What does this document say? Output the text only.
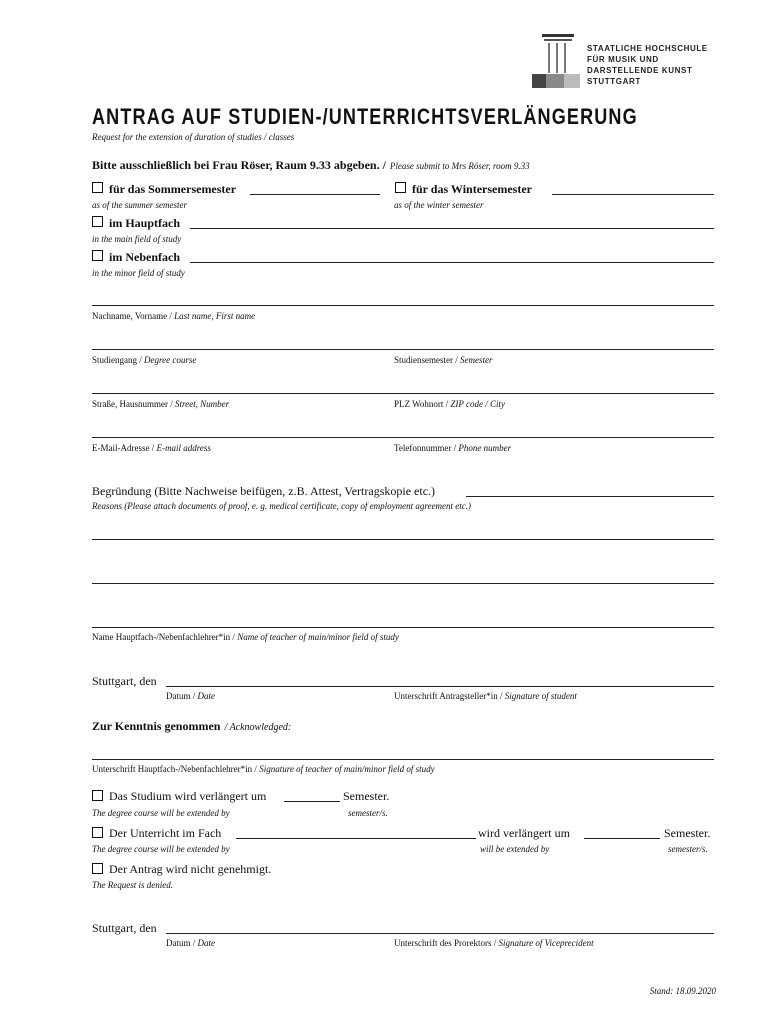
STAATLICHE HOCHSCHULE
FÜR MUSIK UND
DARSTELLENDE KUNST
STUTTGART
ANTRAG AUF STUDIEN-/UNTERRICHTSVERLÄNGERUNG
Request for the extension of duration of studies / classes
Bitte ausschließlich bei Frau Röser, Raum 9.33 abgeben. / Please submit to Mrs Röser, room 9.33
für das Sommersemester
as of the summer semester
für das Wintersemester
as of the winter semester
im Hauptfach
in the main field of study
im Nebenfach
in the minor field of study
Nachname, Vorname / Last name, First name
Studiengang / Degree course	Studiensemester / Semester
Straße, Hausnummer / Street, Number	PLZ Wohnort / ZIP code / City
E-Mail-Adresse / E-mail address	Telefonnummer / Phone number
Begründung (Bitte Nachweise beifügen, z.B. Attest, Vertragskopie etc.)
Reasons (Please attach documents of proof, e. g. medical certificate, copy of employment agreement etc.)
Name Hauptfach-/Nebenfachlehrer*in / Name of teacher of main/minor field of study
Stuttgart, den
Datum / Date	Unterschrift Antragsteller*in / Signature of student
Zur Kenntnis genommen / Acknowledged:
Unterschrift Hauptfach-/Nebenfachlehrer*in / Signature of teacher of main/minor field of study
Das Studium wird verlängert um	Semester.
The degree course will be extended by	semester/s.
Der Unterricht im Fach	wird verlängert um	Semester.
The degree course will be extended by	will be extended by	semester/s.
Der Antrag wird nicht genehmigt.
The Request is denied.
Stuttgart, den
Datum / Date	Unterschrift des Prorektors / Signature of Viceprecident
Stand: 18.09.2020
